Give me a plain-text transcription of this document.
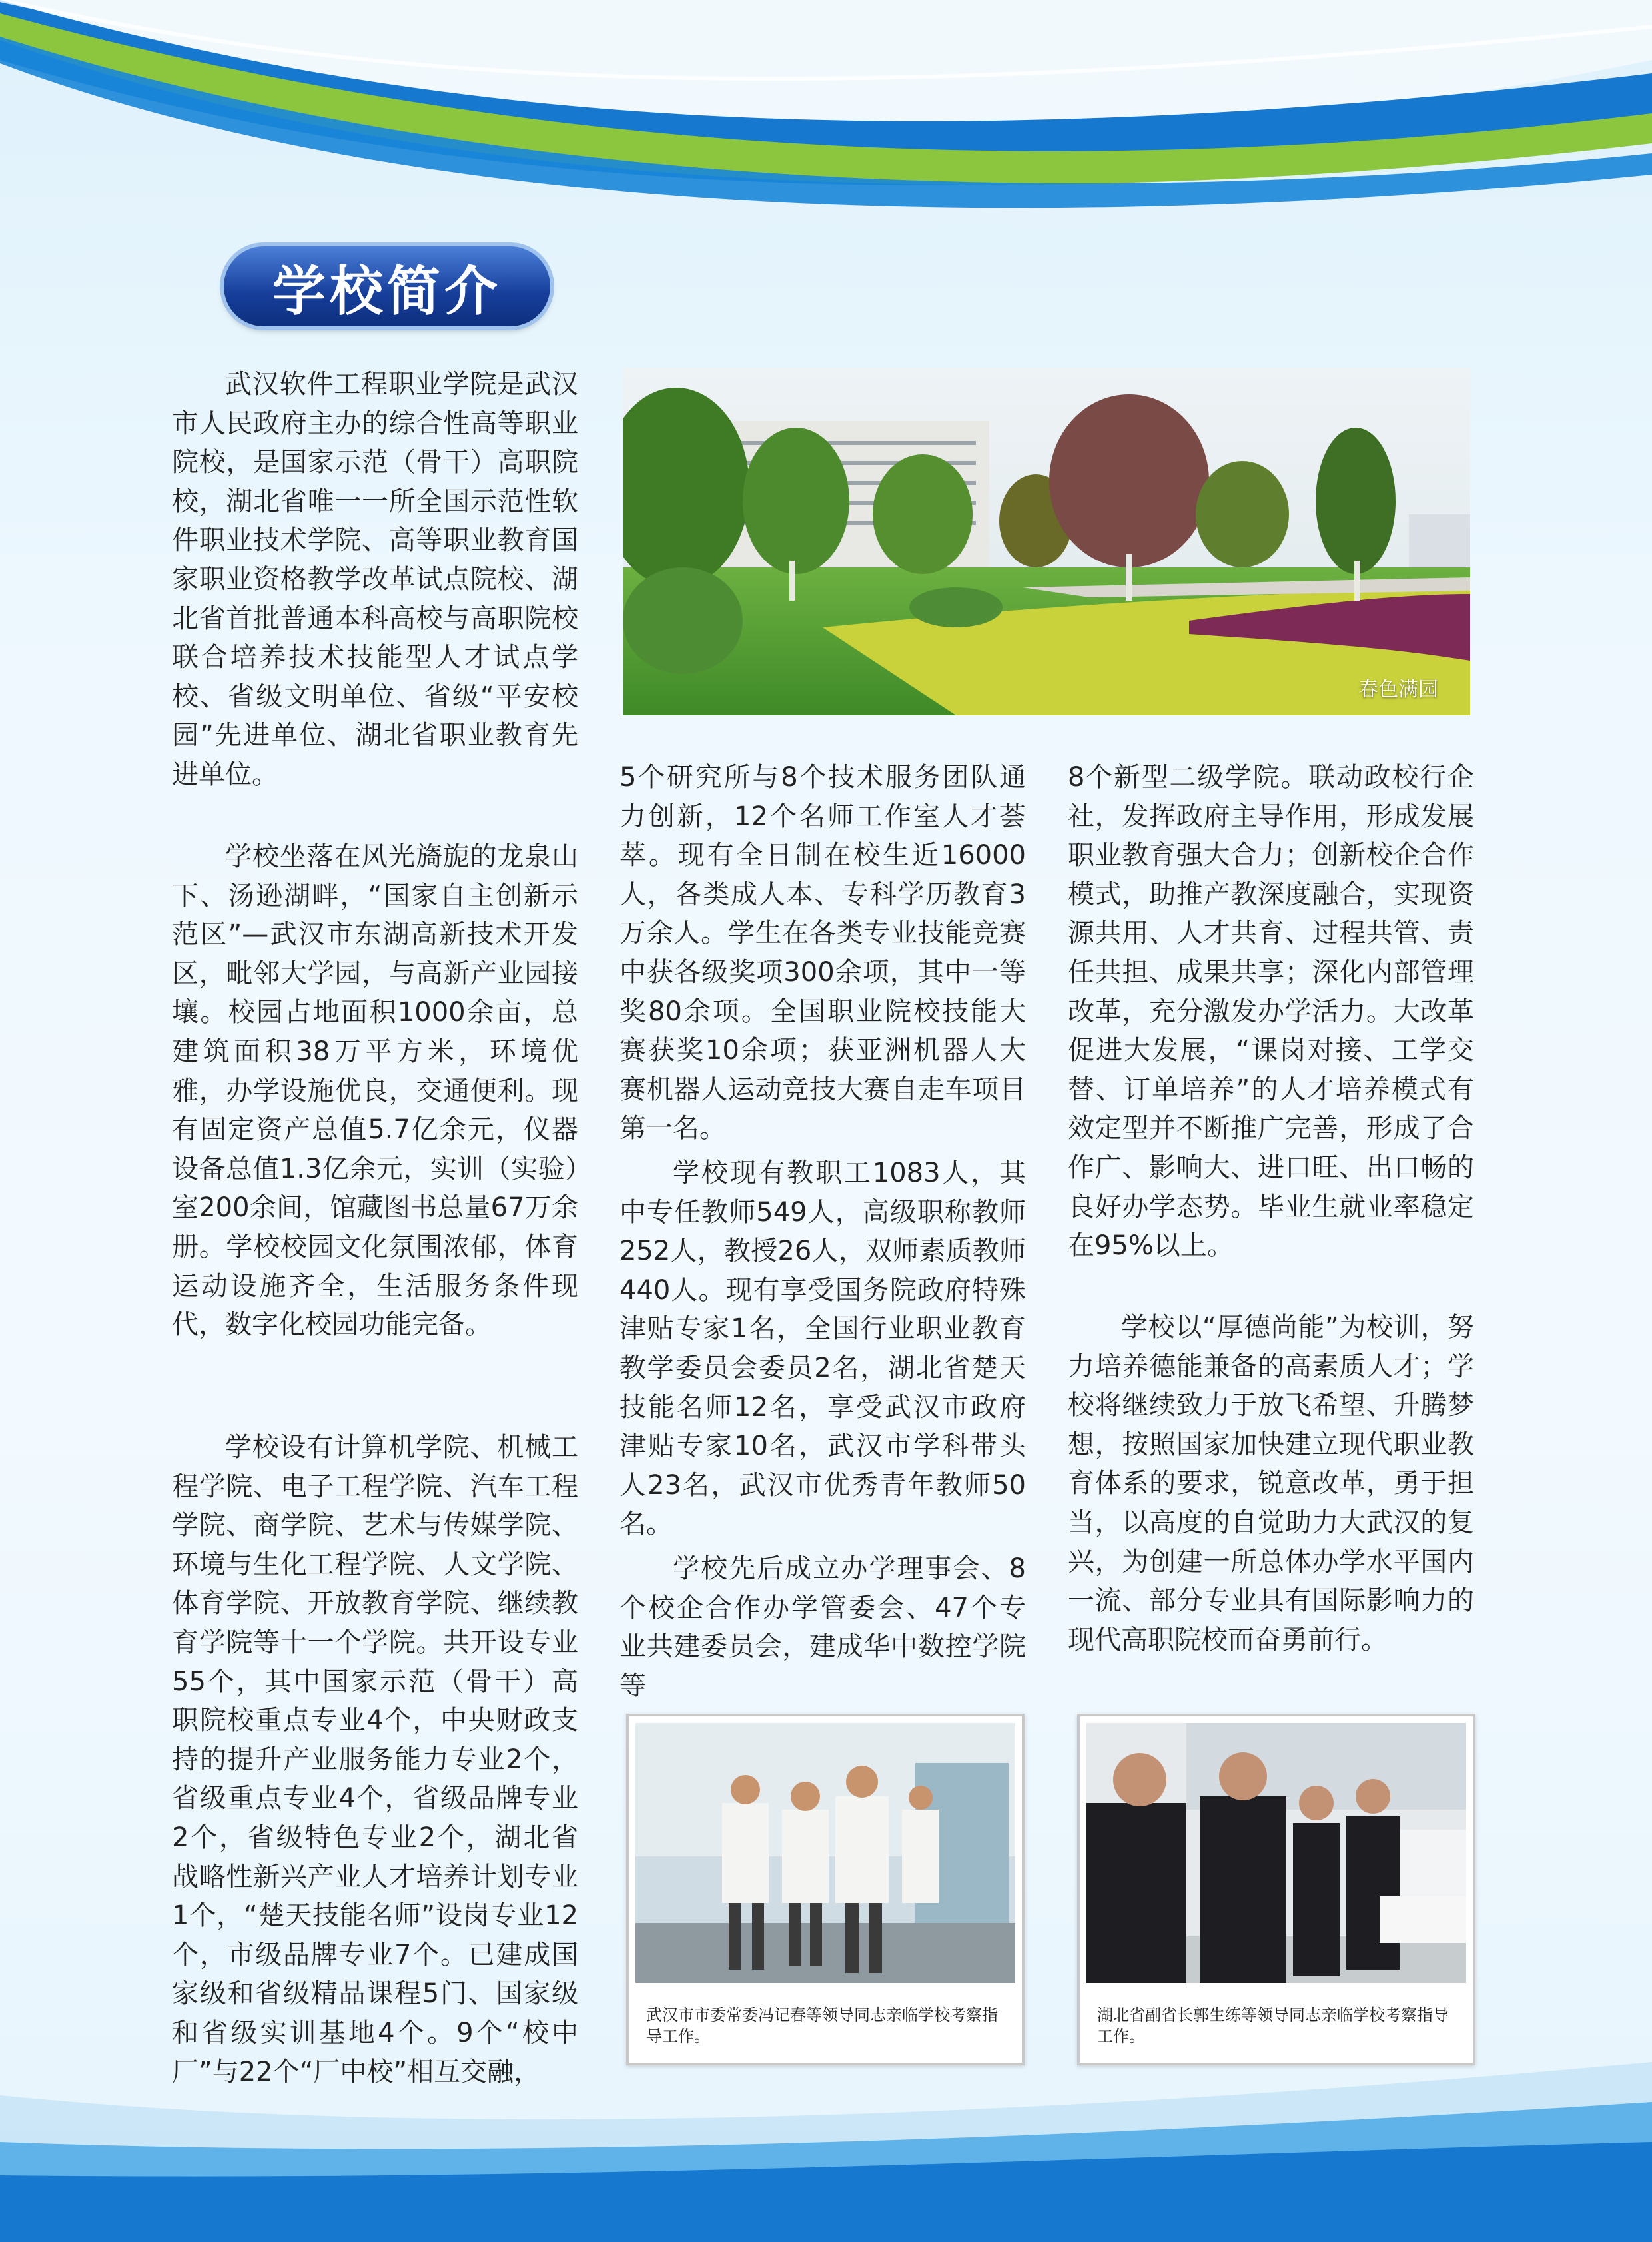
学校简介

武汉软件工程职业学院是武汉市人民政府主办的综合性高等职业院校，是国家示范（骨干）高职院校，湖北省唯一一所全国示范性软件职业技术学院、高等职业教育国家职业资格教学改革试点院校、湖北省首批普通本科高校与高职院校联合培养技术技能型人才试点学校、省级文明单位、省级“平安校园”先进单位、湖北省职业教育先进单位。

学校坐落在风光旖旎的龙泉山下、汤逊湖畔，“国家自主创新示范区”—武汉市东湖高新技术开发区，毗邻大学园，与高新产业园接壤。校园占地面积1000余亩，总建筑面积38万平方米，环境优雅，办学设施优良，交通便利。现有固定资产总值5.7亿余元，仪器设备总值1.3亿余元，实训（实验）室200余间，馆藏图书总量67万余册。学校校园文化氛围浓郁，体育运动设施齐全，生活服务条件现代，数字化校园功能完备。

学校设有计算机学院、机械工程学院、电子工程学院、汽车工程学院、商学院、艺术与传媒学院、环境与生化工程学院、人文学院、体育学院、开放教育学院、继续教育学院等十一个学院。共开设专业55个，其中国家示范（骨干）高职院校重点专业4个，中央财政支持的提升产业服务能力专业2个，省级重点专业4个，省级品牌专业2个，省级特色专业2个，湖北省战略性新兴产业人才培养计划专业1个，“楚天技能名师”设岗专业12个，市级品牌专业7个。已建成国家级和省级精品课程5门、国家级和省级实训基地4个。9个“校中厂”与22个“厂中校”相互交融，

春色满园

5个研究所与8个技术服务团队通力创新，12个名师工作室人才荟萃。现有全日制在校生近16000人，各类成人本、专科学历教育3万余人。学生在各类专业技能竞赛中获各级奖项300余项，其中一等奖80余项。全国职业院校技能大赛获奖10余项；获亚洲机器人大赛机器人运动竞技大赛自走车项目第一名。

学校现有教职工1083人，其中专任教师549人，高级职称教师252人，教授26人，双师素质教师440人。现有享受国务院政府特殊津贴专家1名，全国行业职业教育教学委员会委员2名，湖北省楚天技能名师12名，享受武汉市政府津贴专家10名，武汉市学科带头人23名，武汉市优秀青年教师50名。

学校先后成立办学理事会、8个校企合作办学管委会、47个专业共建委员会，建成华中数控学院等

8个新型二级学院。联动政校行企社，发挥政府主导作用，形成发展职业教育强大合力；创新校企合作模式，助推产教深度融合，实现资源共用、人才共育、过程共管、责任共担、成果共享；深化内部管理改革，充分激发办学活力。大改革促进大发展，“课岗对接、工学交替、订单培养”的人才培养模式有效定型并不断推广完善，形成了合作广、影响大、进口旺、出口畅的良好办学态势。毕业生就业率稳定在95%以上。

学校以“厚德尚能”为校训，努力培养德能兼备的高素质人才；学校将继续致力于放飞希望、升腾梦想，按照国家加快建立现代职业教育体系的要求，锐意改革，勇于担当，以高度的自觉助力大武汉的复兴，为创建一所总体办学水平国内一流、部分专业具有国际影响力的现代高职院校而奋勇前行。

武汉市市委常委冯记春等领导同志亲临学校考察指导工作。

湖北省副省长郭生练等领导同志亲临学校考察指导工作。
